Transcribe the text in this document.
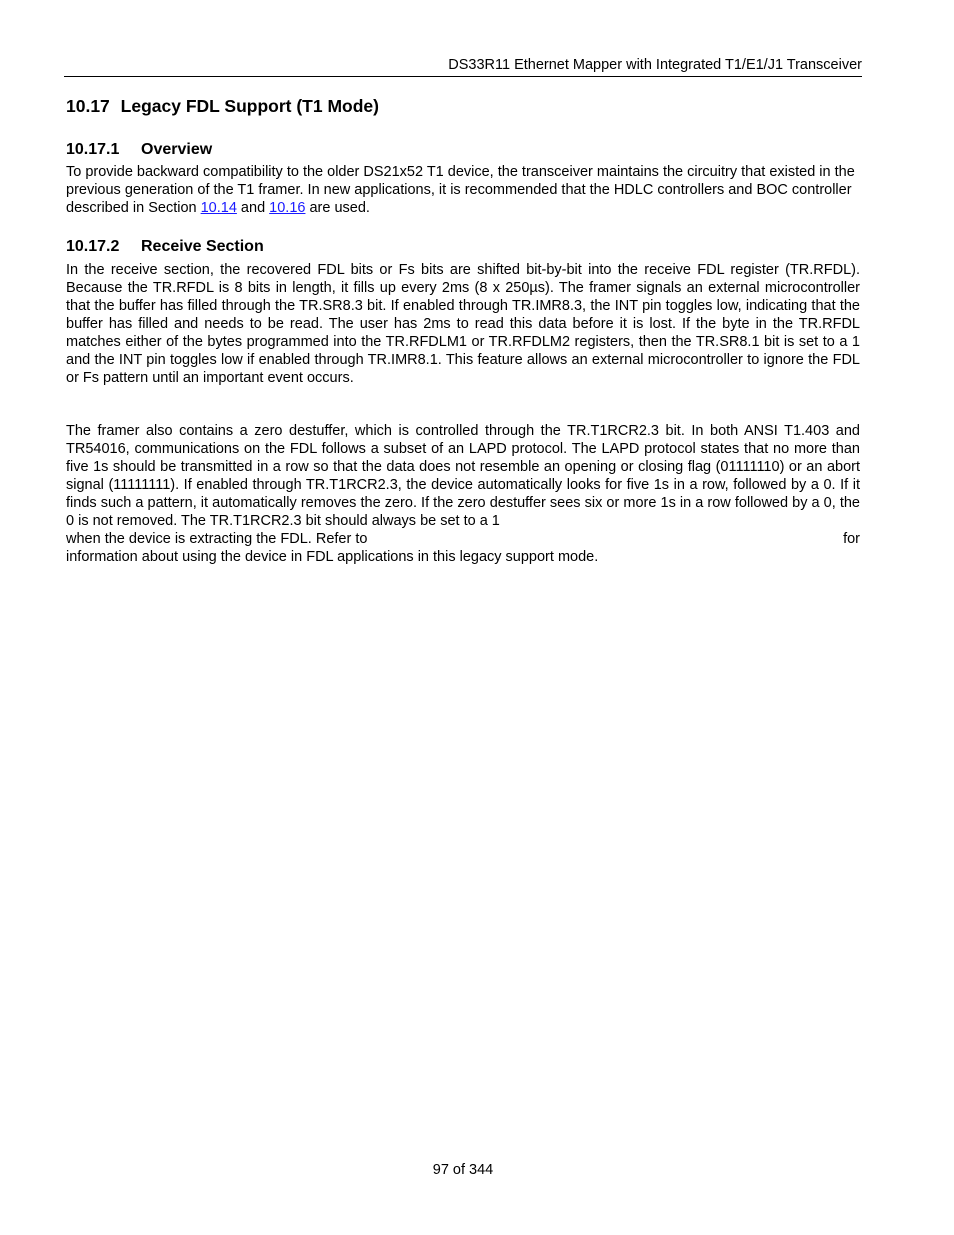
DS33R11 Ethernet Mapper with Integrated T1/E1/J1 Transceiver
10.17 Legacy FDL Support (T1 Mode)
10.17.1 Overview

To provide backward compatibility to the older DS21x52 T1 device, the transceiver maintains the circuitry that existed in the previous generation of the T1 framer. In new applications, it is recommended that the HDLC controllers and BOC controller described in Section 10.14 and 10.16 are used.

10.17.2 Receive Section

In the receive section, the recovered FDL bits or Fs bits are shifted bit-by-bit into the receive FDL register (TR.RFDL). Because the TR.RFDL is 8 bits in length, it fills up every 2ms (8 x 250µs). The framer signals an external microcontroller that the buffer has filled through the TR.SR8.3 bit. If enabled through TR.IMR8.3, the INT pin toggles low, indicating that the buffer has filled and needs to be read. The user has 2ms to read this data before it is lost. If the byte in the TR.RFDL matches either of the bytes programmed into the TR.RFDLM1 or TR.RFDLM2 registers, then the TR.SR8.1 bit is set to a 1 and the INT pin toggles low if enabled through TR.IMR8.1. This feature allows an external microcontroller to ignore the FDL or Fs pattern until an important event occurs.

The framer also contains a zero destuffer, which is controlled through the TR.T1RCR2.3 bit. In both ANSI T1.403 and TR54016, communications on the FDL follows a subset of an LAPD protocol. The LAPD protocol states that no more than five 1s should be transmitted in a row so that the data does not resemble an opening or closing flag (01111110) or an abort signal (11111111). If enabled through TR.T1RCR2.3, the device automatically looks for five 1s in a row, followed by a 0. If it finds such a pattern, it automatically removes the zero. If the zero destuffer sees six or more 1s in a row followed by a 0, the 0 is not removed. The TR.T1RCR2.3 bit should always be set to a 1
when the device is extracting the FDL. Refer to	for
information about using the device in FDL applications in this legacy support mode.
97 of 344
